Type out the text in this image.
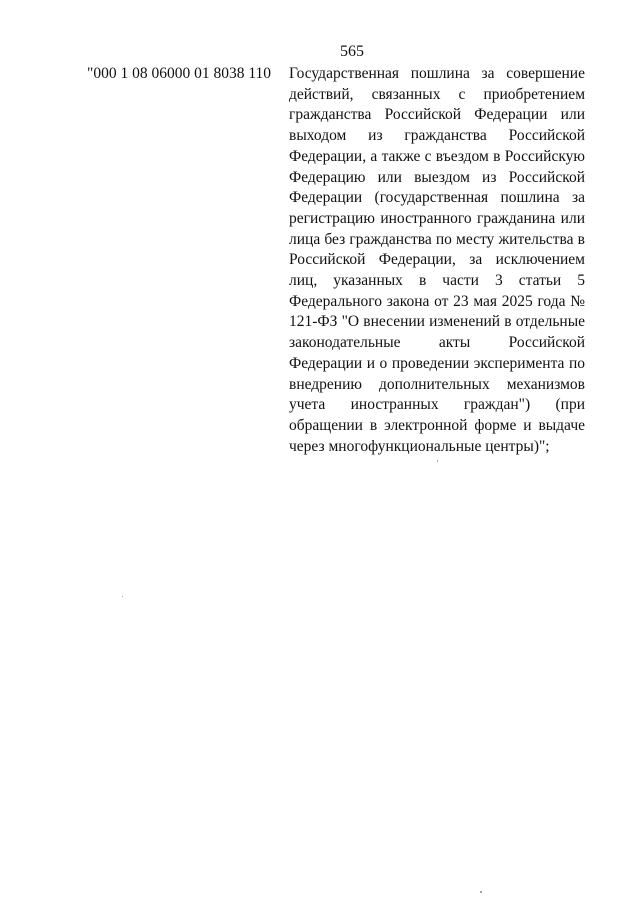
565
"000 1 08 06000 01 8038 110 Государственная пошлина за совершение действий, связанных с приобретением гражданства Российской Федерации или выходом из гражданства Российской Федерации, а также с въездом в Российскую Федерацию или выездом из Российской Федерации (государственная пошлина за регистрацию иностранного гражданина или лица без гражданства по месту жительства в Российской Федерации, за исключением лиц, указанных в части 3 статьи 5 Федерального закона от 23 мая 2025 года № 121-ФЗ "О внесении изменений в отдельные законодательные акты Российской Федерации и о проведении эксперимента по внедрению дополнительных механизмов учета иностранных граждан") (при обращении в электронной форме и выдаче через многофункциональные центры)";
